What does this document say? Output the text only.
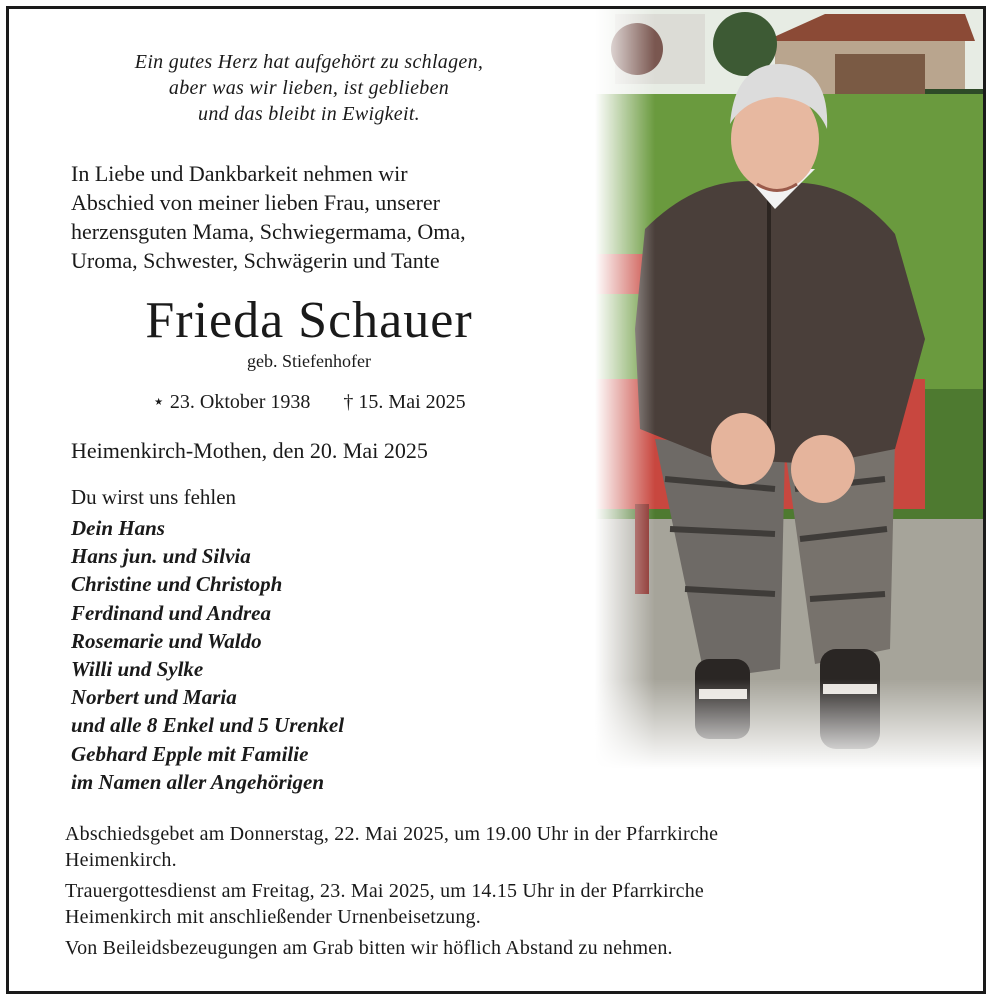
Ein gutes Herz hat aufgehört zu schlagen,
aber was wir lieben, ist geblieben
und das bleibt in Ewigkeit.
In Liebe und Dankbarkeit nehmen wir
Abschied von meiner lieben Frau, unserer
herzensguten Mama, Schwiegermama, Oma,
Uroma, Schwester, Schwägerin und Tante
Frieda Schauer
geb. Stiefenhofer
⋆ 23. Oktober 1938 † 15. Mai 2025
Heimenkirch-Mothen, den 20. Mai 2025
Du wirst uns fehlen
Dein Hans
Hans jun. und Silvia
Christine und Christoph
Ferdinand und Andrea
Rosemarie und Waldo
Willi und Sylke
Norbert und Maria
und alle 8 Enkel und 5 Urenkel
Gebhard Epple mit Familie
im Namen aller Angehörigen

Abschiedsgebet am Donnerstag, 22. Mai 2025, um 19.00 Uhr in der Pfarrkirche
Heimenkirch.

Trauergottesdienst am Freitag, 23. Mai 2025, um 14.15 Uhr in der Pfarrkirche
Heimenkirch mit anschließender Urnenbeisetzung.

Von Beileidsbezeugungen am Grab bitten wir höflich Abstand zu nehmen.
